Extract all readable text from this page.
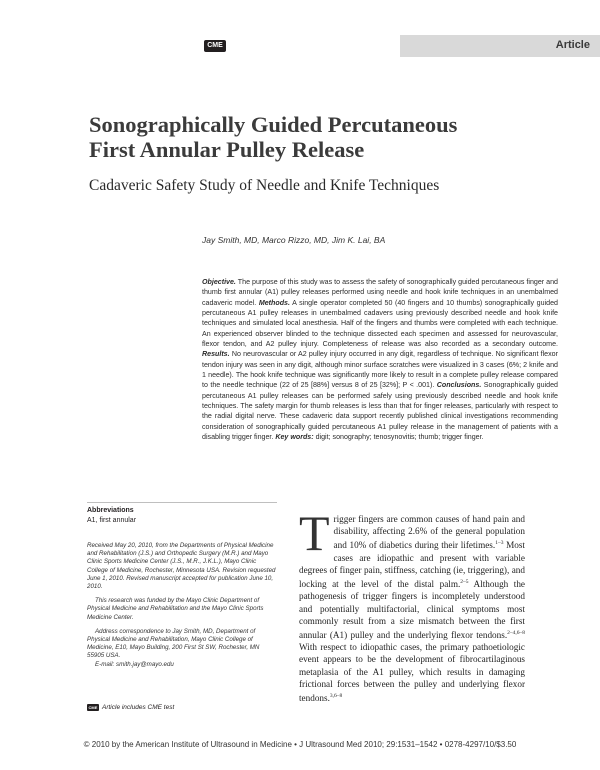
CME	Article
Sonographically Guided Percutaneous
First Annular Pulley Release
Cadaveric Safety Study of Needle and Knife Techniques
Jay Smith, MD, Marco Rizzo, MD, Jim K. Lai, BA
Objective. The purpose of this study was to assess the safety of sonographically guided percutaneous finger and thumb first annular (A1) pulley releases performed using needle and hook knife techniques in an unembalmed cadaveric model. Methods. A single operator completed 50 (40 fingers and 10 thumbs) sonographically guided percutaneous A1 pulley releases in unembalmed cadavers using previously described needle and hook knife techniques and simulated local anesthesia. Half of the fingers and thumbs were completed with each technique. An experienced observer blinded to the technique dissected each specimen and assessed for neurovascular, flexor tendon, and A2 pulley injury. Completeness of release was also recorded as a secondary outcome. Results. No neurovascular or A2 pulley injury occurred in any digit, regardless of technique. No significant flexor tendon injury was seen in any digit, although minor surface scratches were visualized in 3 cases (6%; 2 knife and 1 needle). The hook knife technique was significantly more likely to result in a complete pulley release compared to the needle technique (22 of 25 [88%] versus 8 of 25 [32%]; P < .001). Conclusions. Sonographically guided percutaneous A1 pulley releases can be performed safely using previously described needle and hook knife techniques. The safety margin for thumb releases is less than that for finger releases, particularly with respect to the radial digital nerve. These cadaveric data support recently published clinical investigations recommending consideration of sonographically guided percutaneous A1 pulley release in the management of patients with a disabling trigger finger. Key words: digit; sonography; tenosynovitis; thumb; trigger finger.
Abbreviations
A1, first annular

Received May 20, 2010, from the Departments of Physical Medicine and Rehabilitation (J.S.) and Orthopedic Surgery (M.R.) and Mayo Clinic Sports Medicine Center (J.S., M.R., J.K.L.), Mayo Clinic College of Medicine, Rochester, Minnesota USA. Revision requested June 1, 2010. Revised manuscript accepted for publication June 10, 2010.

This research was funded by the Mayo Clinic Department of Physical Medicine and Rehabilitation and the Mayo Clinic Sports Medicine Center.

Address correspondence to Jay Smith, MD, Department of Physical Medicine and Rehabilitation, Mayo Clinic College of Medicine, E10, Mayo Building, 200 First St SW, Rochester, MN 55905 USA.

E-mail: smith.jay@mayo.edu

CME Article includes CME test
Trigger fingers are common causes of hand pain and disability, affecting 2.6% of the general population and 10% of diabetics during their lifetimes.$^{1-3}$ Most cases are idiopathic and present with variable degrees of finger pain, stiffness, catching (ie, triggering), and locking at the level of the distal palm.$^{2-5}$ Although the pathogenesis of trigger fingers is incompletely understood and potentially multifactorial, clinical symptoms most commonly result from a size mismatch between the first annular (A1) pulley and the underlying flexor tendons.$^{2-4,6-8}$ With respect to idiopathic cases, the primary pathoetiologic event appears to be the development of fibrocartilaginous metaplasia of the A1 pulley, which results in damaging frictional forces between the pulley and underlying flexor tendons.$^{3,6-8}$
© 2010 by the American Institute of Ultrasound in Medicine • J Ultrasound Med 2010; 29:1531–1542 • 0278-4297/10/$3.50
